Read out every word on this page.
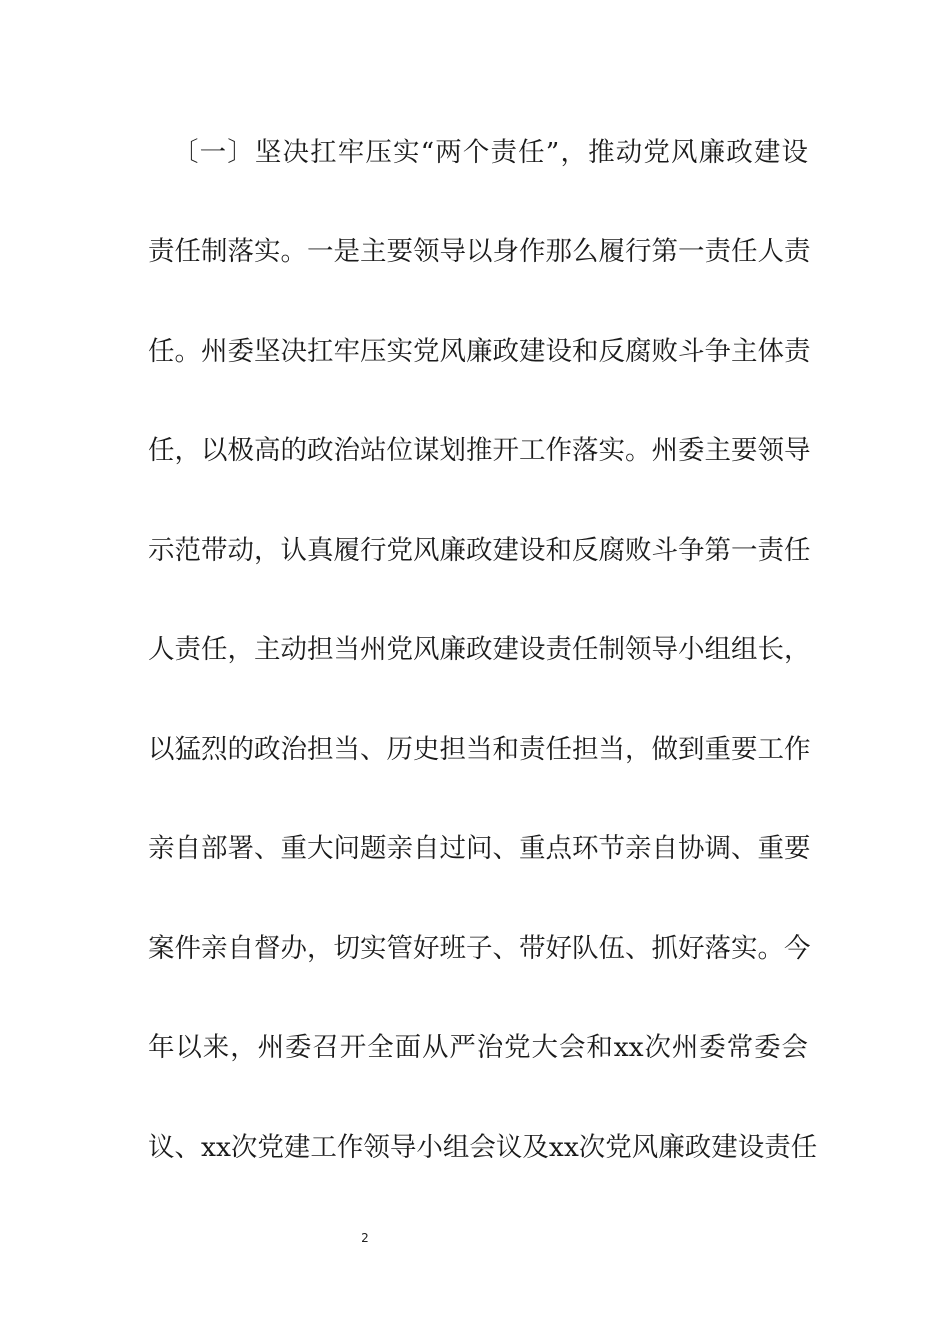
〔一〕坚决扛牢压实“两个责任”，推动党风廉政建设
责任制落实。一是主要领导以身作那么履行第一责任人责
任。州委坚决扛牢压实党风廉政建设和反腐败斗争主体责
任，以极高的政治站位谋划推开工作落实。州委主要领导
示范带动，认真履行党风廉政建设和反腐败斗争第一责任
人责任，主动担当州党风廉政建设责任制领导小组组长，
以猛烈的政治担当、历史担当和责任担当，做到重要工作
亲自部署、重大问题亲自过问、重点环节亲自协调、重要
案件亲自督办，切实管好班子、带好队伍、抓好落实。今
年以来，州委召开全面从严治党大会和xx次州委常委会
议、xx次党建工作领导小组会议及xx次党风廉政建设责任
2
